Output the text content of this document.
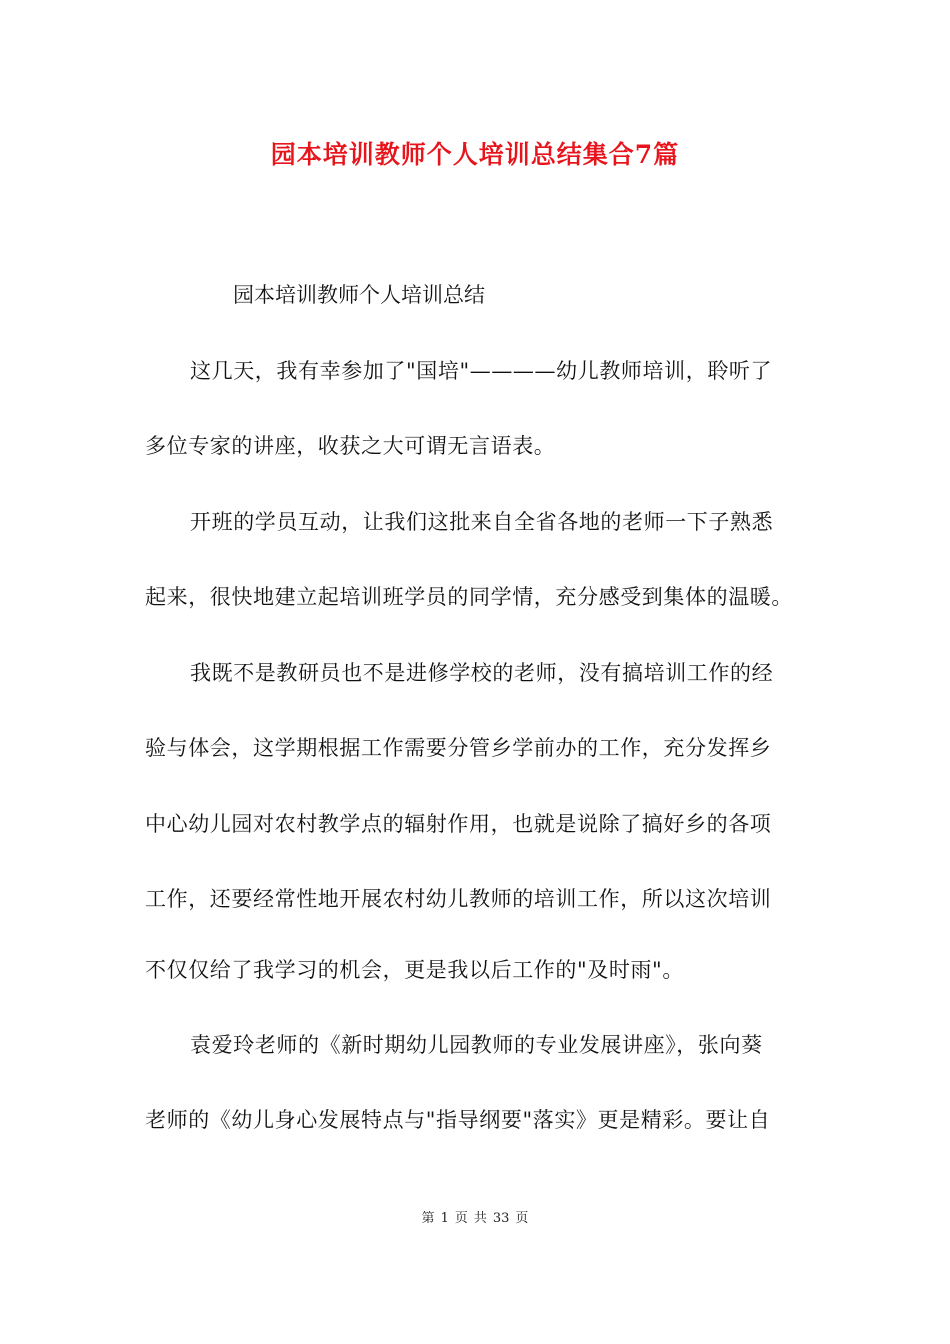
园本培训教师个人培训总结集合7篇

园本培训教师个人培训总结

这几天，我有幸参加了"国培"————幼儿教师培训，聆听了

多位专家的讲座，收获之大可谓无言语表。

开班的学员互动，让我们这批来自全省各地的老师一下子熟悉

起来，很快地建立起培训班学员的同学情，充分感受到集体的温暖。

我既不是教研员也不是进修学校的老师，没有搞培训工作的经

验与体会，这学期根据工作需要分管乡学前办的工作，充分发挥乡

中心幼儿园对农村教学点的辐射作用，也就是说除了搞好乡的各项

工作，还要经常性地开展农村幼儿教师的培训工作，所以这次培训

不仅仅给了我学习的机会，更是我以后工作的"及时雨"。

袁爱玲老师的《新时期幼儿园教师的专业发展讲座》，张向葵

老师的《幼儿身心发展特点与"指导纲要"落实》更是精彩。要让自

第 1 页 共 33 页
